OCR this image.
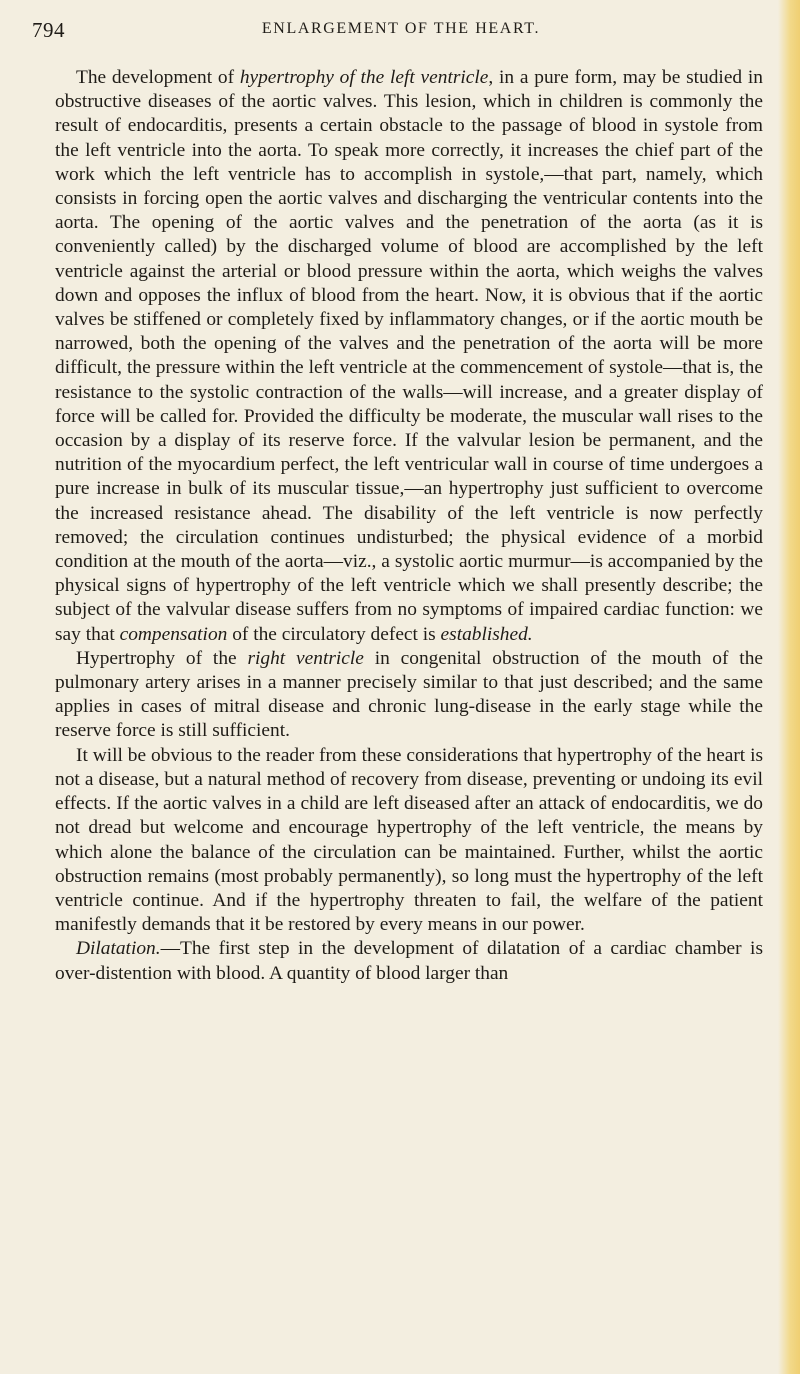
794	ENLARGEMENT OF THE HEART.

The development of hypertrophy of the left ventricle, in a pure form, may be studied in obstructive diseases of the aortic valves. This lesion, which in children is commonly the result of endocarditis, presents a certain obstacle to the passage of blood in systole from the left ventricle into the aorta. To speak more correctly, it increases the chief part of the work which the left ventricle has to accomplish in systole,—that part, namely, which consists in forcing open the aortic valves and discharging the ventricular contents into the aorta. The opening of the aortic valves and the penetration of the aorta (as it is conveniently called) by the discharged volume of blood are accomplished by the left ventricle against the arterial or blood pressure within the aorta, which weighs the valves down and opposes the influx of blood from the heart. Now, it is obvious that if the aortic valves be stiffened or completely fixed by inflammatory changes, or if the aortic mouth be narrowed, both the opening of the valves and the penetration of the aorta will be more difficult, the pressure within the left ventricle at the commencement of systole—that is, the resistance to the systolic contraction of the walls—will increase, and a greater display of force will be called for. Provided the difficulty be moderate, the muscular wall rises to the occasion by a display of its reserve force. If the valvular lesion be permanent, and the nutrition of the myocardium perfect, the left ventricular wall in course of time undergoes a pure increase in bulk of its muscular tissue,—an hypertrophy just sufficient to overcome the increased resistance ahead. The disability of the left ventricle is now perfectly removed; the circulation continues undisturbed; the physical evidence of a morbid condition at the mouth of the aorta—viz., a systolic aortic murmur—is accompanied by the physical signs of hypertrophy of the left ventricle which we shall presently describe; the subject of the valvular disease suffers from no symptoms of impaired cardiac function: we say that compensation of the circulatory defect is established.

Hypertrophy of the right ventricle in congenital obstruction of the mouth of the pulmonary artery arises in a manner precisely similar to that just described; and the same applies in cases of mitral disease and chronic lung-disease in the early stage while the reserve force is still sufficient.

It will be obvious to the reader from these considerations that hypertrophy of the heart is not a disease, but a natural method of recovery from disease, preventing or undoing its evil effects. If the aortic valves in a child are left diseased after an attack of endocarditis, we do not dread but welcome and encourage hypertrophy of the left ventricle, the means by which alone the balance of the circulation can be maintained. Further, whilst the aortic obstruction remains (most probably permanently), so long must the hypertrophy of the left ventricle continue. And if the hypertrophy threaten to fail, the welfare of the patient manifestly demands that it be restored by every means in our power.

Dilatation.—The first step in the development of dilatation of a cardiac chamber is over-distention with blood. A quantity of blood larger than
